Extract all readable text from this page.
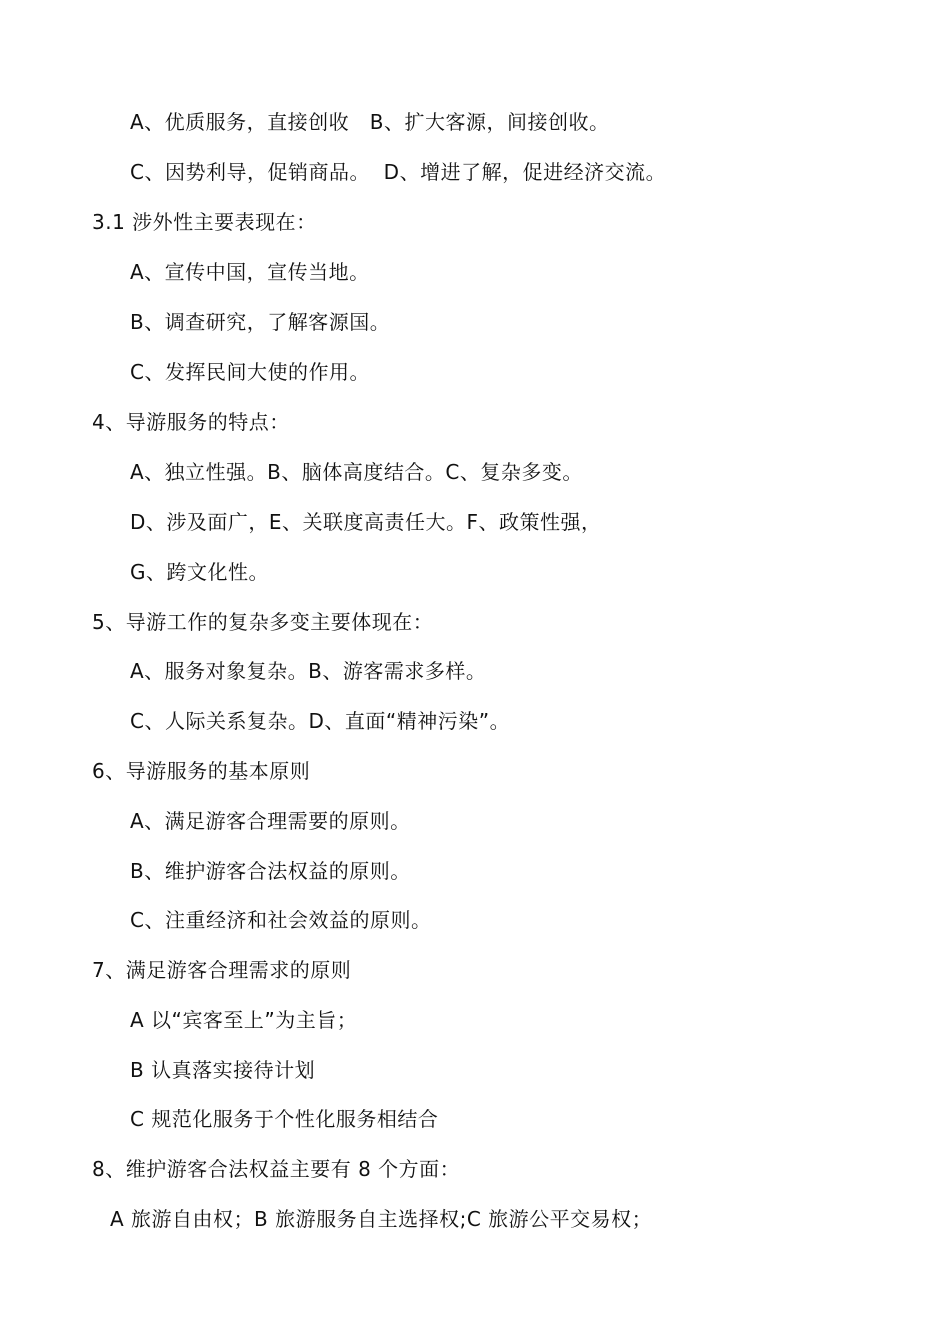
A、优质服务，直接创收   B、扩大客源，间接创收。
C、因势利导，促销商品。  D、增进了解，促进经济交流。
3.1 涉外性主要表现在：
A、宣传中国，宣传当地。
B、调查研究，了解客源国。
C、发挥民间大使的作用。
4、导游服务的特点：
A、独立性强。B、脑体高度结合。C、复杂多变。
D、涉及面广，E、关联度高责任大。F、政策性强，
G、跨文化性。
5、导游工作的复杂多变主要体现在：
A、服务对象复杂。B、游客需求多样。
C、人际关系复杂。D、直面“精神污染”。
6、导游服务的基本原则
A、满足游客合理需要的原则。
B、维护游客合法权益的原则。
C、注重经济和社会效益的原则。
7、满足游客合理需求的原则
A 以“宾客至上”为主旨；
B 认真落实接待计划
C 规范化服务于个性化服务相结合
8、维护游客合法权益主要有 8 个方面：
A 旅游自由权；B 旅游服务自主选择权;C 旅游公平交易权；
